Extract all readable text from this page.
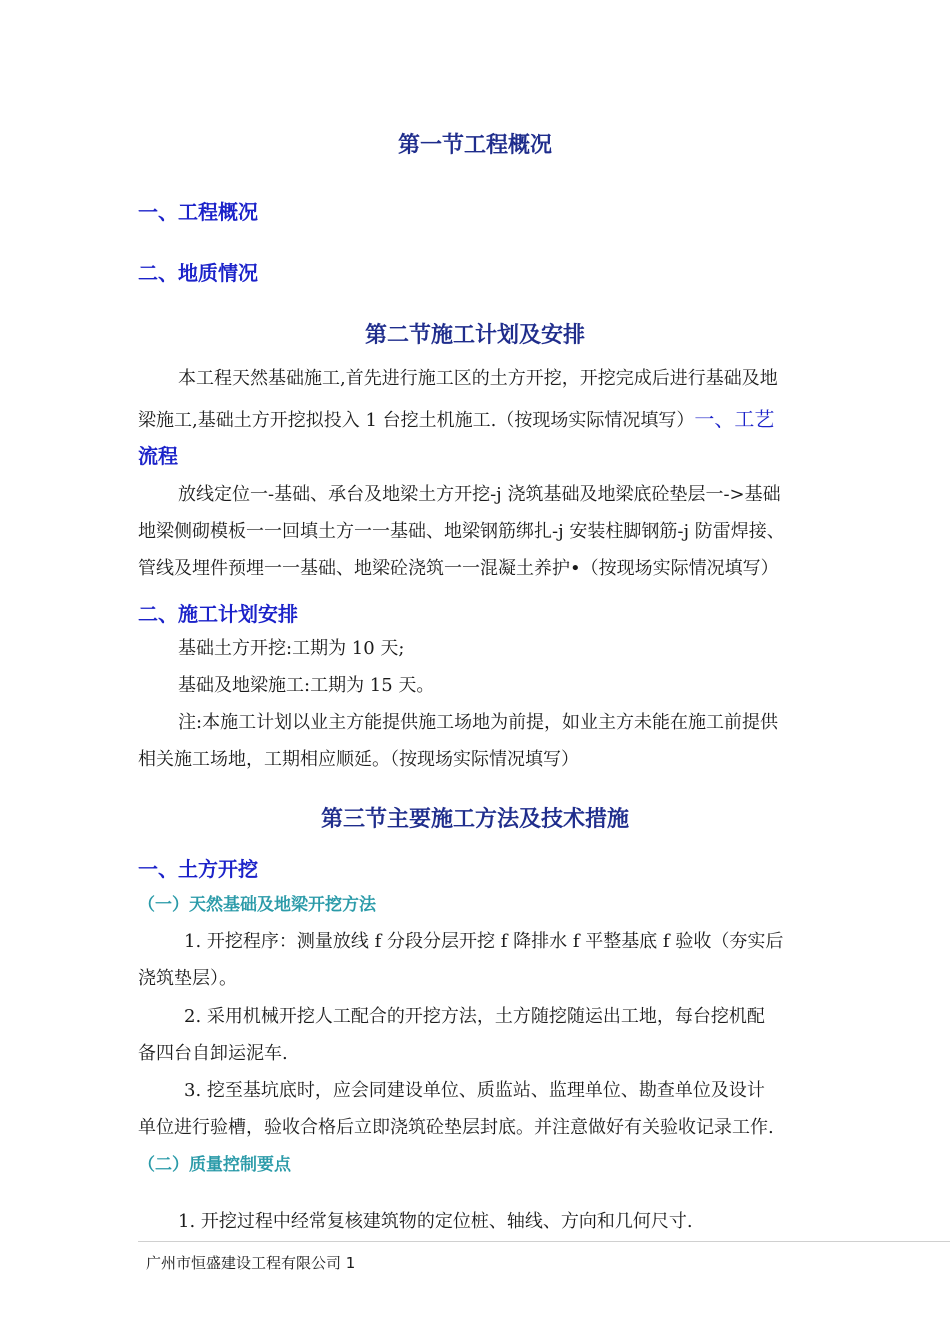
第一节工程概况
一、工程概况
二、地质情况
第二节施工计划及安排

本工程天然基础施工,首先进行施工区的土方开挖，开挖完成后进行基础及地

梁施工,基础土方开挖拟投入 1 台挖土机施工.（按现场实际情况填写）一、工艺

流程

放线定位一-基础、承台及地梁土方开挖-j 浇筑基础及地梁底砼垫层一->基础

地梁侧砌模板一一回填土方一一基础、地梁钢筋绑扎-j 安装柱脚钢筋-j 防雷焊接、

管线及埋件预埋一一基础、地梁砼浇筑一一混凝土养护•（按现场实际情况填写）

二、施工计划安排

基础土方开挖:工期为 10 天;

基础及地梁施工:工期为 15 天。

注:本施工计划以业主方能提供施工场地为前提，如业主方未能在施工前提供

相关施工场地，工期相应顺延。（按现场实际情况填写）

第三节主要施工方法及技术措施
一、土方开挖
（一）天然基础及地梁开挖方法

1. 开挖程序：测量放线 f 分段分层开挖 f 降排水 f 平整基底 f 验收（夯实后

浇筑垫层）。

2. 采用机械开挖人工配合的开挖方法，土方随挖随运出工地，每台挖机配

备四台自卸运泥车.

3. 挖至基坑底时，应会同建设单位、质监站、监理单位、勘查单位及设计

单位进行验槽，验收合格后立即浇筑砼垫层封底。并注意做好有关验收记录工作.

（二）质量控制要点

1. 开挖过程中经常复核建筑物的定位桩、轴线、方向和几何尺寸.

广州市恒盛建设工程有限公司 1
